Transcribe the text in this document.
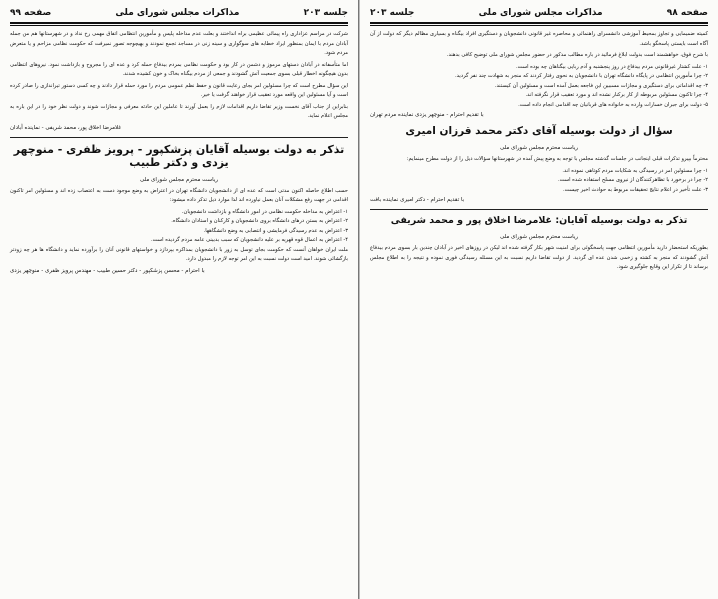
جلسه ۲۰۳
مذاکرات مجلس شورای ملی
صفحه ۹۹

شرکت در مراسم عزاداری راه پیمائی عظیمی براه انداختند و بعلت عدم مداخله پلیس و مأمورین انتظامی اتفاق مهمی رخ نداد و در شهرستانها هم من جمله آبادان مردم با ایمان بمنظور ایراد خطابه های سوگواری و سینه زنی در مساجد تجمع نمودند و بهیچوجه تصور نمیرفت که حکومت نظامی مزاحم و یا متعرض مردم شود.

اما متأسفانه در آبادان دستهای مرموز و دشمن در کار بود و حکومت نظامی بمردم بیدفاع حمله کرد و عده ای را مجروح و بازداشت نمود. نیروهای انتظامی بدون هیچگونه اخطار قبلی بسوی جمعیت آتش گشودند و جمعی از مردم بیگناه بخاک و خون کشیده شدند.

این سؤال مطرح است که چرا مسئولین امر بجای رعایت قانون و حفظ نظم عمومی مردم را مورد حمله قرار دادند و چه کسی دستور تیراندازی را صادر کرده است و آیا مسئولین این واقعه مورد تعقیب قرار خواهند گرفت یا خیر.

بنابراین از جناب آقای نخست وزیر تقاضا داریم اقدامات لازم را بعمل آورند تا عاملین این حادثه معرفی و مجازات شوند و دولت نظر خود را در این باره به مجلس اعلام نماید.

غلامرضا اخلاق پور، محمد شریفی - نماینده آبادان

تذکر به دولت بوسیله آقایان پزشکپور - پرویز ظفری - منوچهر یزدی و دکتر طبیب

ریاست محترم مجلس شورای ملی

حسب اطلاع حاصله اکنون مدتی است که عده ای از دانشجویان دانشگاه تهران در اعتراض به وضع موجود دست به اعتصاب زده اند و مسئولین امر تاکنون اقدامی در جهت رفع مشکلات آنان بعمل نیاورده اند لذا موارد ذیل تذکر داده میشود:

۱- اعتراض به مداخله حکومت نظامی در امور دانشگاه و بازداشت دانشجویان.

۲- اعتراض به بستن درهای دانشگاه بروی دانشجویان و کارکنان و استادان دانشگاه.

۳- اعتراض به عدم رسیدگی فرمایشی و انتصابی به وضع دانشگاهها.

۴- اعتراض به اعمال قوه قهریه بر علیه دانشجویان که سبب بدبینی عامه مردم گردیده است.

ملت ایران خواهان آنست که حکومت بجای توسل به زور با دانشجویان بمذاکره بپردازد و خواستهای قانونی آنان را برآورده نماید و دانشگاه ها هر چه زودتر بازگشائی شوند. امید است دولت نسبت به این امر توجه لازم را مبذول دارد.

با احترام - محسن پزشکپور - دکتر حسین طبیب - مهندس پرویز ظفری - منوچهر یزدی

صفحه ۹۸
مذاکرات مجلس شورای ملی
جلسه ۲۰۳

کمیته ضمیمایی و تجاوز بمحیط آموزشی دانشسرای راهنمائی و محاصره غیر قانونی دانشجویان و دستگیری افراد بیگناه و بسیاری مظالم دیگر که دولت از آن آگاه است بایستی پاسخگو باشد.

با شرح فوق، خواهشمند است بدولت ابلاغ فرمائید در باره مطالب مذکور در حضور مجلس شورای ملی توضیح کافی بدهند.

۱- علت کشتار غیرقانونی مردم بیدفاع در روز پنجشنبه و آدم ربایی بیگناهان چه بوده است.

۲- چرا مأمورین انتظامی در پایگاه دانشگاه تهران با دانشجویان به نحوی رفتار کردند که منجر به شهادت چند نفر گردید.

۳- چه اقداماتی برای دستگیری و مجازات مسببین این فاجعه بعمل آمده است و مسئولین آن کیستند.

۴- چرا تاکنون مسئولین مربوطه از کار برکنار نشده اند و مورد تعقیب قرار نگرفته اند.

۵- دولت برای جبران خسارات وارده به خانواده های قربانیان چه اقدامی انجام داده است.

با تقدیم احترام - منوچهر یزدی نماینده مردم تهران

سؤال از دولت بوسیله آقای دکتر محمد قرزان امیری

ریاست محترم مجلس شورای ملی

محترماً بپیرو تذکرات قبلی اینجانب در جلسات گذشته مجلس با توجه به وضع پیش آمده در شهرستانها سؤالات ذیل را از دولت مطرح مینمایم:

۱- چرا مسئولین امر در رسیدگی به شکایات مردم کوتاهی نموده اند.

۲- چرا در برخورد با تظاهرکنندگان از نیروی مسلح استفاده شده است.

۳- علت تأخیر در اعلام نتایج تحقیقات مربوط به حوادث اخیر چیست.

با تقدیم احترام - دکتر امیری نماینده بافت

تذکر به دولت بوسیله آقایان: غلامرضا اخلاق پور و محمد شریفی

ریاست محترم مجلس شورای ملی

بطوریکه استحضار دارید مأمورین انتظامی جهت پاسخگوئی برای امنیت شهر بکار گرفته شده اند لیکن در روزهای اخیر در آبادان چندین بار بسوی مردم بیدفاع آتش گشودند که منجر به کشته و زخمی شدن عده ای گردید. از دولت تقاضا داریم نسبت به این مسئله رسیدگی فوری نموده و نتیجه را به اطلاع مجلس برساند تا از تکرار این وقایع جلوگیری شود.
